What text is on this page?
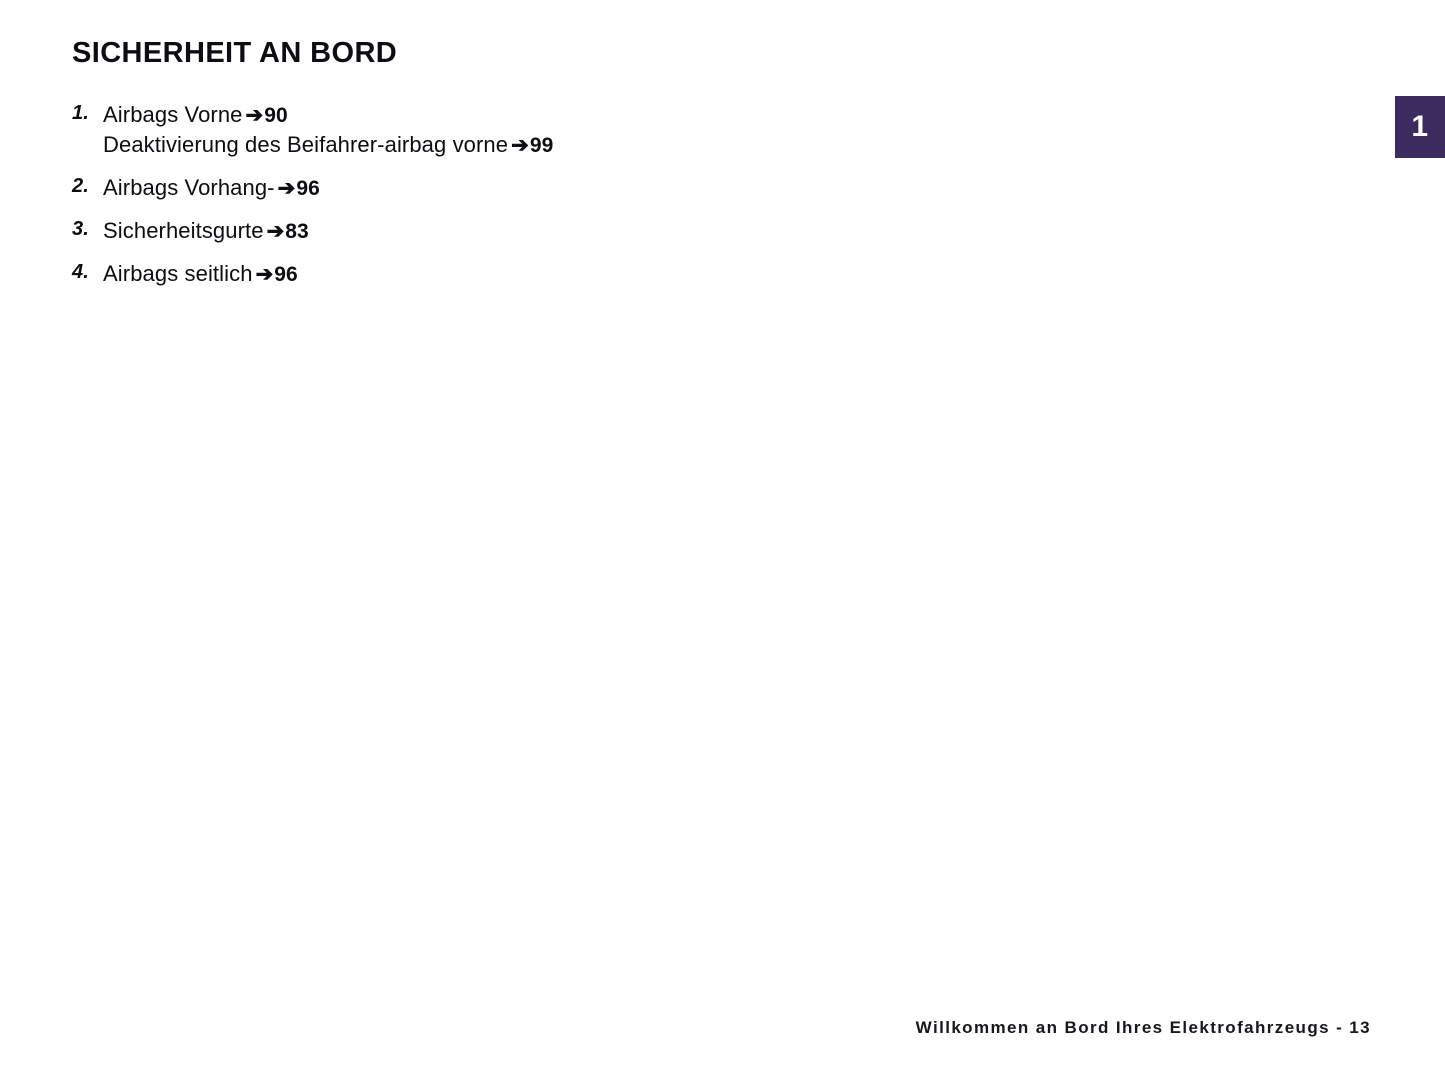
1
SICHERHEIT AN BORD
1. Airbags Vorne ➔90
Deaktivierung des Beifahrer-airbag vorne ➔99
2. Airbags Vorhang- ➔96
3. Sicherheitsgurte ➔83
4. Airbags seitlich ➔96
Willkommen an Bord Ihres Elektrofahrzeugs - 13
